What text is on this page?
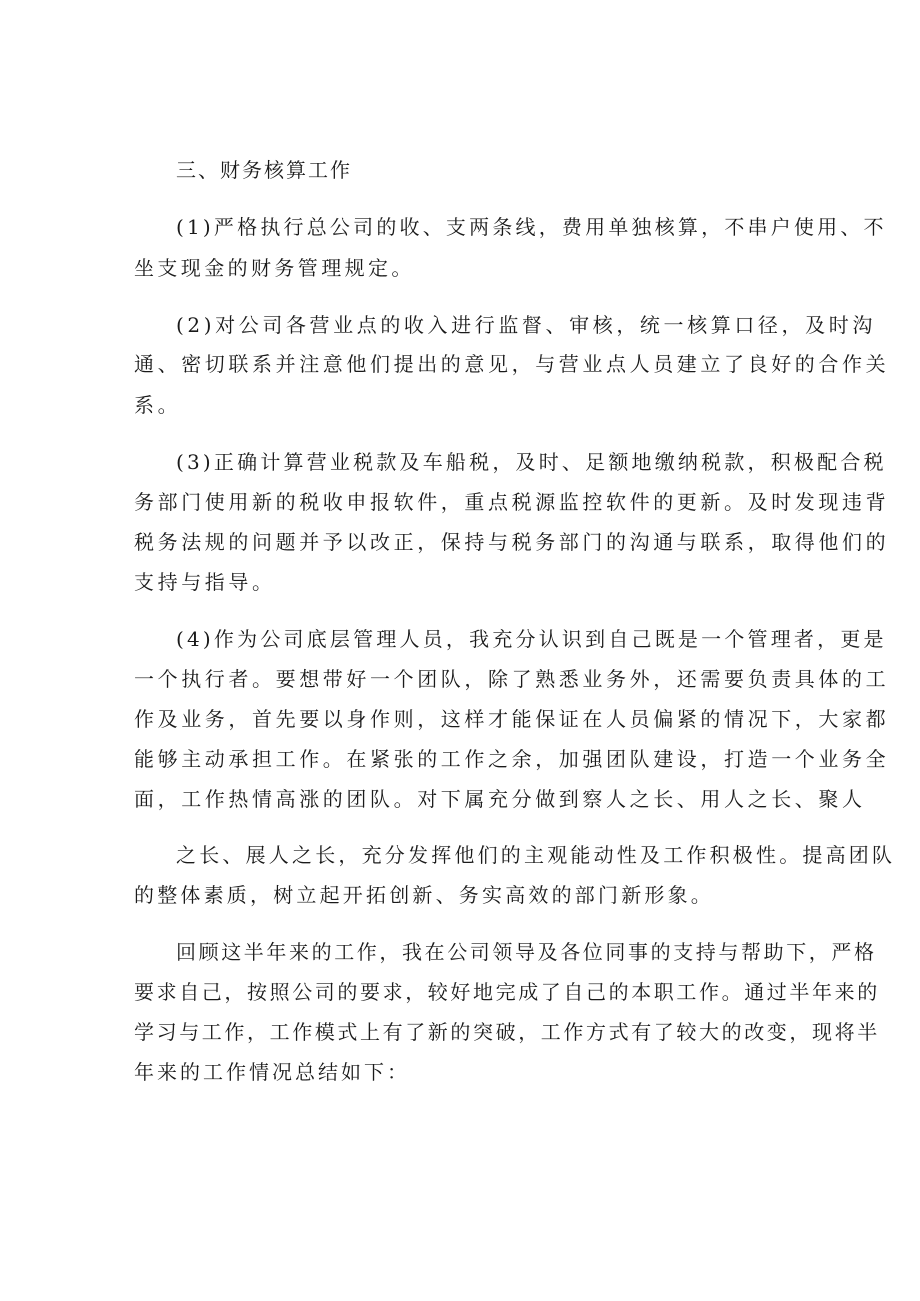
三、财务核算工作
(1)严格执行总公司的收、支两条线，费用单独核算，不串户使用、不
坐支现金的财务管理规定。
(2)对公司各营业点的收入进行监督、审核，统一核算口径，及时沟
通、密切联系并注意他们提出的意见，与营业点人员建立了良好的合作关
系。
(3)正确计算营业税款及车船税，及时、足额地缴纳税款，积极配合税
务部门使用新的税收申报软件，重点税源监控软件的更新。及时发现违背
税务法规的问题并予以改正，保持与税务部门的沟通与联系，取得他们的
支持与指导。
(4)作为公司底层管理人员，我充分认识到自己既是一个管理者，更是
一个执行者。要想带好一个团队，除了熟悉业务外，还需要负责具体的工
作及业务，首先要以身作则，这样才能保证在人员偏紧的情况下，大家都
能够主动承担工作。在紧张的工作之余，加强团队建设，打造一个业务全
面，工作热情高涨的团队。对下属充分做到察人之长、用人之长、聚人
之长、展人之长，充分发挥他们的主观能动性及工作积极性。提高团队
的整体素质，树立起开拓创新、务实高效的部门新形象。
回顾这半年来的工作，我在公司领导及各位同事的支持与帮助下，严格
要求自己，按照公司的要求，较好地完成了自己的本职工作。通过半年来的
学习与工作，工作模式上有了新的突破，工作方式有了较大的改变，现将半
年来的工作情况总结如下：
